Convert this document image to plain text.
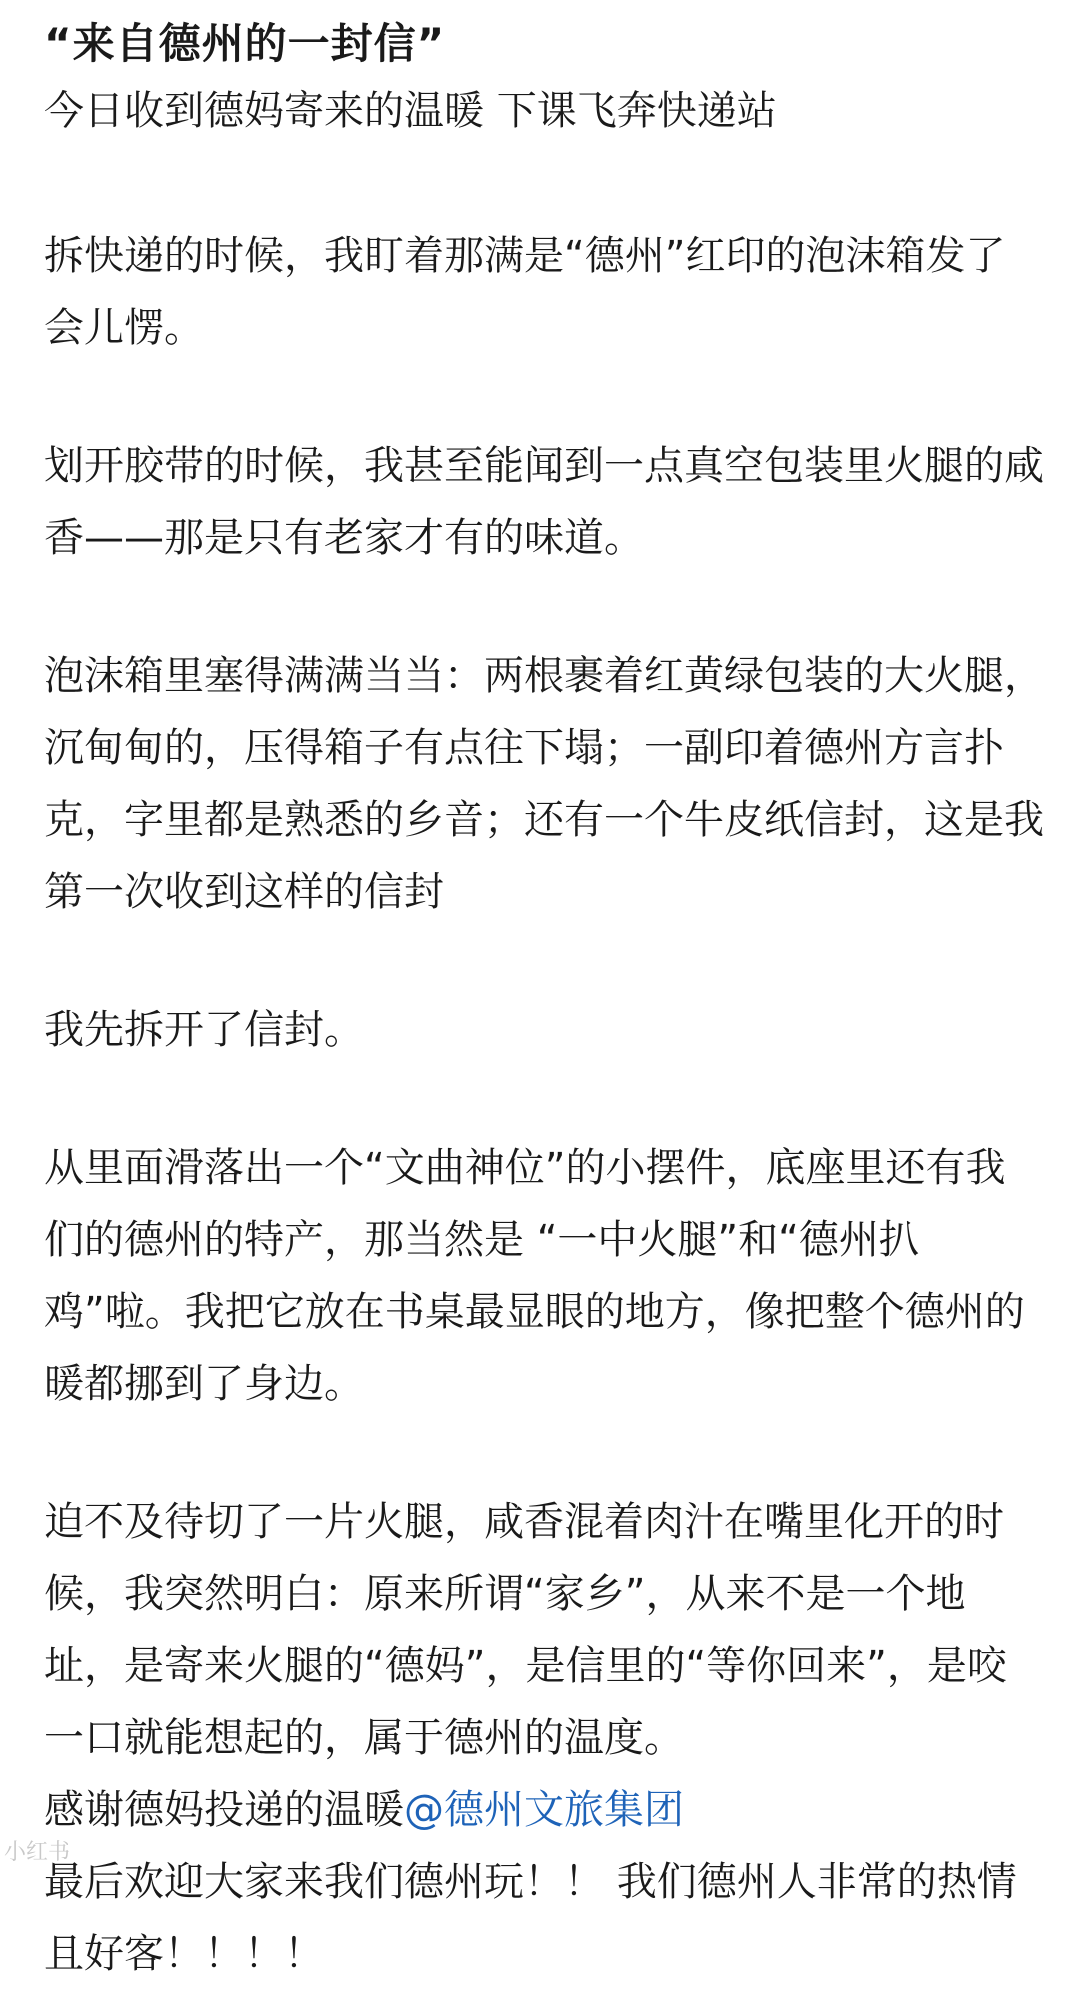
“来自德州的一封信”

今日收到德妈寄来的温暖 下课飞奔快递站

拆快递的时候，我盯着那满是“德州”红印的泡沫箱发了会儿愣。

划开胶带的时候，我甚至能闻到一点真空包装里火腿的咸香——那是只有老家才有的味道。

泡沫箱里塞得满满当当：两根裹着红黄绿包装的大火腿，沉甸甸的，压得箱子有点往下塌；一副印着德州方言扑克，字里都是熟悉的乡音；还有一个牛皮纸信封，这是我第一次收到这样的信封

我先拆开了信封。

从里面滑落出一个“文曲神位”的小摆件，底座里还有我们的德州的特产，那当然是 “一中火腿”和“德州扒鸡”啦。我把它放在书桌最显眼的地方，像把整个德州的暖都挪到了身边。

迫不及待切了一片火腿，咸香混着肉汁在嘴里化开的时候，我突然明白：原来所谓“家乡”，从来不是一个地址，是寄来火腿的“德妈”，是信里的“等你回来”，是咬一口就能想起的，属于德州的温度。

感谢德妈投递的温暖@德州文旅集团

最后欢迎大家来我们德州玩！！ 我们德州人非常的热情且好客！！！！

小红书
